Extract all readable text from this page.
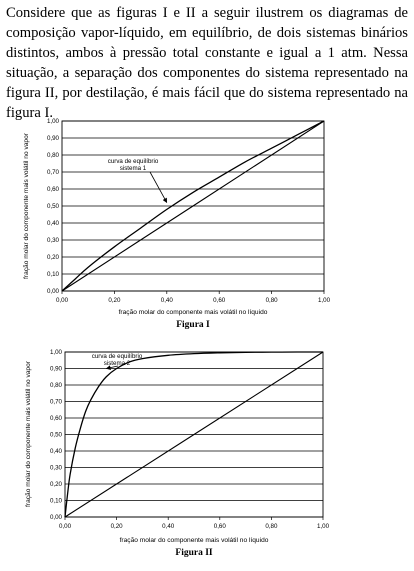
Considere que as figuras I e II a seguir ilustrem os diagramas de composição vapor-líquido, em equilíbrio, de dois sistemas binários distintos, ambos à pressão total constante e igual a 1 atm. Nessa situação, a separação dos componentes do sistema representado na figura II, por destilação, é mais fácil que do sistema representado na figura I.

0,00
0,10
0,20
0,30
0,40
0,50
0,60
0,70
0,80
0,90
1,00
0,00	0,20	0,40	0,60	0,80	1,00
curva de equilíbrio sistema 1
fração molar do componente mais volátil no vapor
fração molar do componente mais volátil no líquido
Figura I
0,00
0,10
0,20
0,30
0,40
0,50
0,60
0,70
0,80
0,90
1,00
0,00	0,20	0,40	0,60	0,80	1,00
curva de equilíbrio sistema 2
fração molar do componente mais volátil no vapor
fração molar do componente mais volátil no líquido
Figura II
